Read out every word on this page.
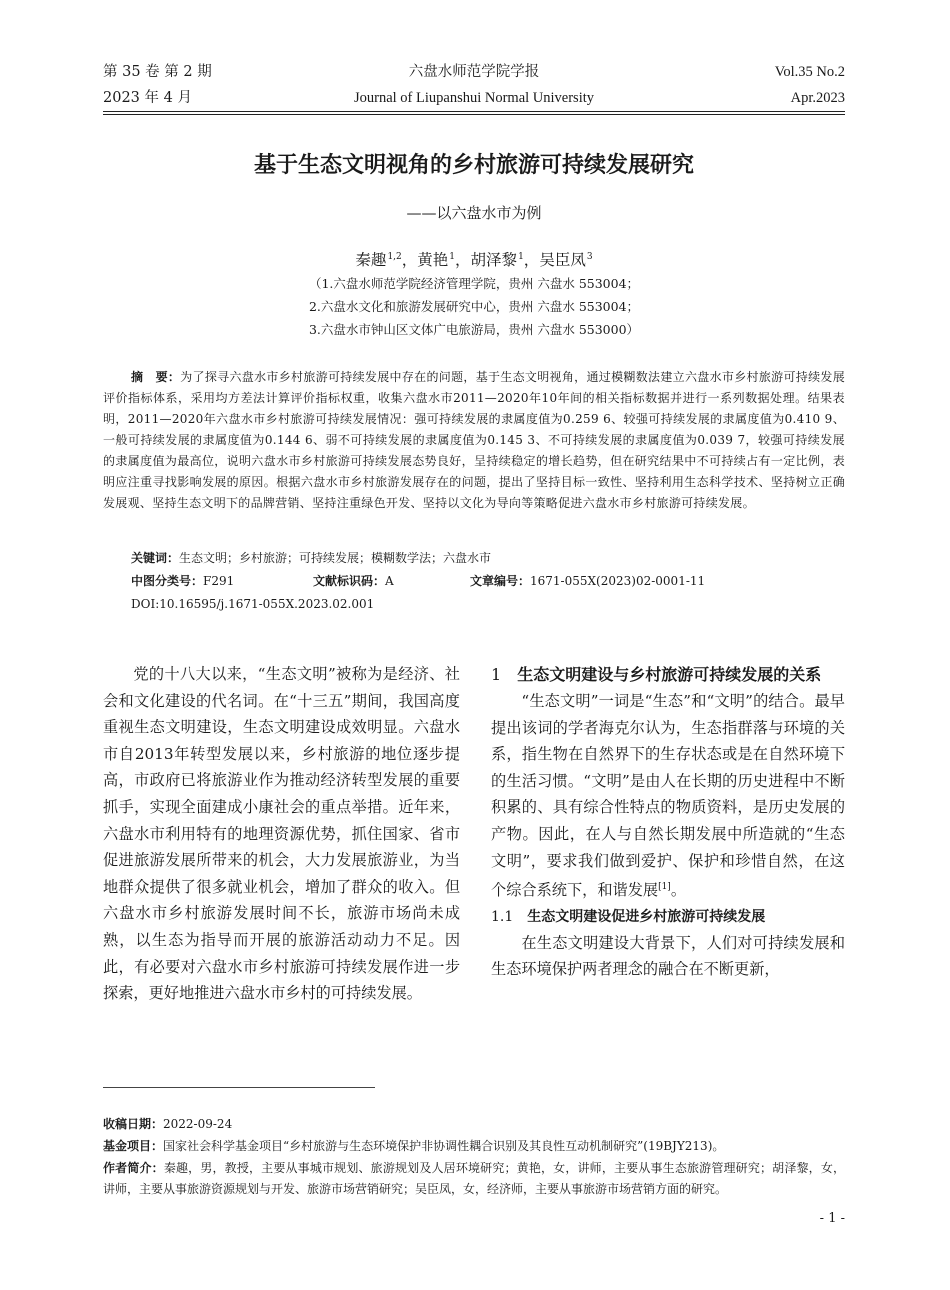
第 35 卷 第 2 期
2023 年 4 月
六盘水师范学院学报
Journal of Liupanshui Normal University
Vol.35 No.2
Apr.2023
基于生态文明视角的乡村旅游可持续发展研究
——以六盘水市为例
秦趣$^{1,2}$，黄艳$^1$，胡泽黎$^1$，吴臣凤$^3$
（1.六盘水师范学院经济管理学院，贵州 六盘水 553004；
2.六盘水文化和旅游发展研究中心，贵州 六盘水 553004；
3.六盘水市钟山区文体广电旅游局，贵州 六盘水 553000）
摘　要：为了探寻六盘水市乡村旅游可持续发展中存在的问题，基于生态文明视角，通过模糊数法建立六盘水市乡村旅游可持续发展评价指标体系，采用均方差法计算评价指标权重，收集六盘水市2011—2020年10年间的相关指标数据并进行一系列数据处理。结果表明，2011—2020年六盘水市乡村旅游可持续发展情况：强可持续发展的隶属度值为0.259 6、较强可持续发展的隶属度值为0.410 9、一般可持续发展的隶属度值为0.144 6、弱不可持续发展的隶属度值为0.145 3、不可持续发展的隶属度值为0.039 7，较强可持续发展的隶属度值为最高位，说明六盘水市乡村旅游可持续发展态势良好，呈持续稳定的增长趋势，但在研究结果中不可持续占有一定比例，表明应注重寻找影响发展的原因。根据六盘水市乡村旅游发展存在的问题，提出了坚持目标一致性、坚持利用生态科学技术、坚持树立正确发展观、坚持生态文明下的品牌营销、坚持注重绿色开发、坚持以文化为导向等策略促进六盘水市乡村旅游可持续发展。
关键词：生态文明；乡村旅游；可持续发展；模糊数学法；六盘水市
中图分类号：F291	文献标识码：A	文章编号：1671-055X(2023)02-0001-11
DOI:10.16595/j.1671-055X.2023.02.001

党的十八大以来，“生态文明”被称为是经济、社会和文化建设的代名词。在“十三五”期间，我国高度重视生态文明建设，生态文明建设成效明显。六盘水市自2013年转型发展以来，乡村旅游的地位逐步提高，市政府已将旅游业作为推动经济转型发展的重要抓手，实现全面建成小康社会的重点举措。近年来，六盘水市利用特有的地理资源优势，抓住国家、省市促进旅游发展所带来的机会，大力发展旅游业，为当地群众提供了很多就业机会，增加了群众的收入。但六盘水市乡村旅游发展时间不长，旅游市场尚未成熟，以生态为指导而开展的旅游活动动力不足。因此，有必要对六盘水市乡村旅游可持续发展作进一步探索，更好地推进六盘水市乡村的可持续发展。

1 生态文明建设与乡村旅游可持续发展的关系

“生态文明”一词是“生态”和“文明”的结合。最早提出该词的学者海克尔认为，生态指群落与环境的关系，指生物在自然界下的生存状态或是在自然环境下的生活习惯。“文明”是由人在长期的历史进程中不断积累的、具有综合性特点的物质资料，是历史发展的产物。因此，在人与自然长期发展中所造就的“生态文明”，要求我们做到爱护、保护和珍惜自然，在这个综合系统下，和谐发展[1]。

1.1 生态文明建设促进乡村旅游可持续发展

在生态文明建设大背景下，人们对可持续发展和生态环境保护两者理念的融合在不断更新，

收稿日期：2022-09-24
基金项目：国家社会科学基金项目“乡村旅游与生态环境保护非协调性耦合识别及其良性互动机制研究”(19BJY213)。
作者简介：秦趣，男，教授，主要从事城市规划、旅游规划及人居环境研究；黄艳，女，讲师，主要从事生态旅游管理研究；胡泽黎，女，讲师，主要从事旅游资源规划与开发、旅游市场营销研究；吴臣凤，女，经济师，主要从事旅游市场营销方面的研究。
- 1 -
